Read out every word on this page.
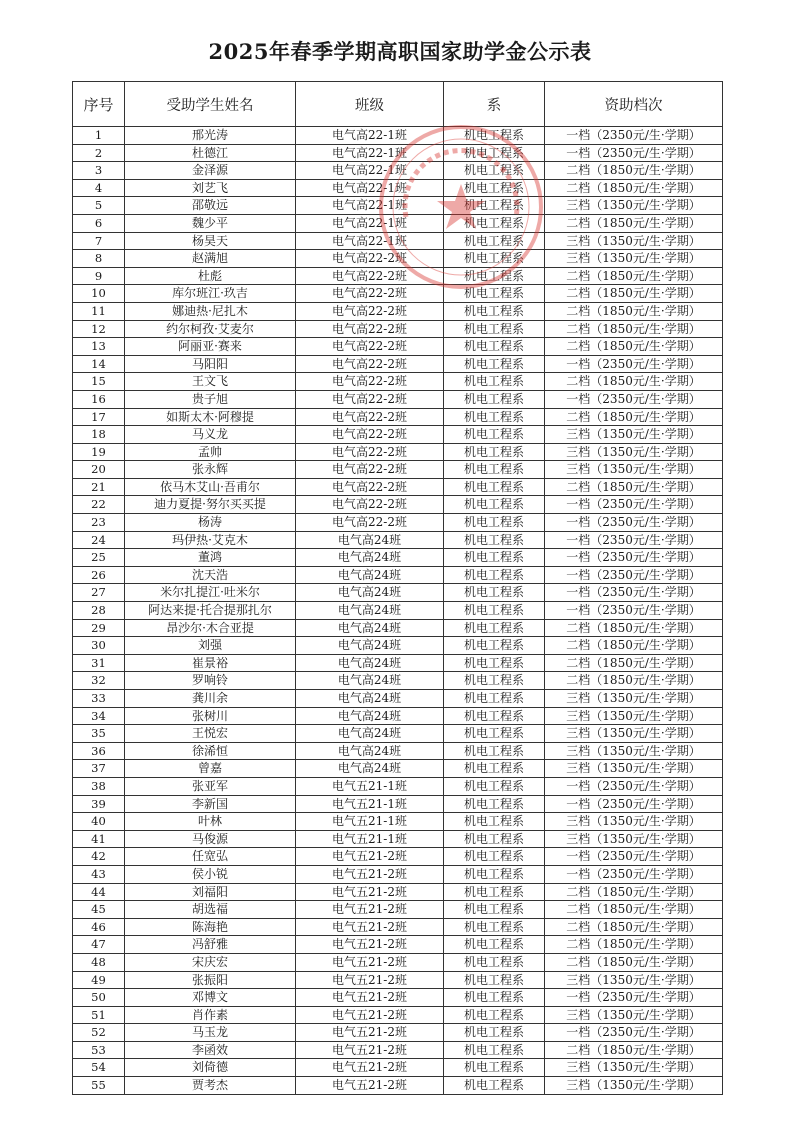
2025年春季学期高职国家助学金公示表
序号	受助学生姓名	班级	系	资助档次
1	邢光涛	电气高22-1班	机电工程系	一档（2350元/生·学期）
2	杜德江	电气高22-1班	机电工程系	一档（2350元/生·学期）
3	金泽源	电气高22-1班	机电工程系	二档（1850元/生·学期）
4	刘艺飞	电气高22-1班	机电工程系	二档（1850元/生·学期）
5	邵敬远	电气高22-1班	机电工程系	三档（1350元/生·学期）
6	魏少平	电气高22-1班	机电工程系	二档（1850元/生·学期）
7	杨昊天	电气高22-1班	机电工程系	三档（1350元/生·学期）
8	赵满旭	电气高22-2班	机电工程系	三档（1350元/生·学期）
9	杜彪	电气高22-2班	机电工程系	二档（1850元/生·学期）
10	库尔班江·玖吉	电气高22-2班	机电工程系	二档（1850元/生·学期）
11	娜迪热·尼扎木	电气高22-2班	机电工程系	二档（1850元/生·学期）
12	约尔柯孜·艾麦尔	电气高22-2班	机电工程系	二档（1850元/生·学期）
13	阿丽亚·赛来	电气高22-2班	机电工程系	二档（1850元/生·学期）
14	马阳阳	电气高22-2班	机电工程系	一档（2350元/生·学期）
15	王文飞	电气高22-2班	机电工程系	二档（1850元/生·学期）
16	贵子旭	电气高22-2班	机电工程系	一档（2350元/生·学期）
17	如斯太木·阿穆提	电气高22-2班	机电工程系	二档（1850元/生·学期）
18	马义龙	电气高22-2班	机电工程系	三档（1350元/生·学期）
19	孟帅	电气高22-2班	机电工程系	三档（1350元/生·学期）
20	张永辉	电气高22-2班	机电工程系	三档（1350元/生·学期）
21	依马木艾山·吾甫尔	电气高22-2班	机电工程系	二档（1850元/生·学期）
22	迪力夏提·努尔买买提	电气高22-2班	机电工程系	一档（2350元/生·学期）
23	杨涛	电气高22-2班	机电工程系	一档（2350元/生·学期）
24	玛伊热·艾克木	电气高24班	机电工程系	一档（2350元/生·学期）
25	董鸿	电气高24班	机电工程系	一档（2350元/生·学期）
26	沈天浩	电气高24班	机电工程系	一档（2350元/生·学期）
27	米尔扎提江·吐米尔	电气高24班	机电工程系	一档（2350元/生·学期）
28	阿达来提·托合提那扎尔	电气高24班	机电工程系	一档（2350元/生·学期）
29	昂沙尔·木合亚提	电气高24班	机电工程系	二档（1850元/生·学期）
30	刘强	电气高24班	机电工程系	二档（1850元/生·学期）
31	崔景裕	电气高24班	机电工程系	二档（1850元/生·学期）
32	罗响铃	电气高24班	机电工程系	二档（1850元/生·学期）
33	龚川余	电气高24班	机电工程系	三档（1350元/生·学期）
34	张树川	电气高24班	机电工程系	三档（1350元/生·学期）
35	王悦宏	电气高24班	机电工程系	三档（1350元/生·学期）
36	徐浠恒	电气高24班	机电工程系	三档（1350元/生·学期）
37	曾嘉	电气高24班	机电工程系	三档（1350元/生·学期）
38	张亚军	电气五21-1班	机电工程系	一档（2350元/生·学期）
39	李新国	电气五21-1班	机电工程系	一档（2350元/生·学期）
40	叶林	电气五21-1班	机电工程系	三档（1350元/生·学期）
41	马俊源	电气五21-1班	机电工程系	三档（1350元/生·学期）
42	任宽弘	电气五21-2班	机电工程系	一档（2350元/生·学期）
43	侯小锐	电气五21-2班	机电工程系	一档（2350元/生·学期）
44	刘福阳	电气五21-2班	机电工程系	二档（1850元/生·学期）
45	胡选福	电气五21-2班	机电工程系	二档（1850元/生·学期）
46	陈海艳	电气五21-2班	机电工程系	二档（1850元/生·学期）
47	冯舒雅	电气五21-2班	机电工程系	二档（1850元/生·学期）
48	宋庆宏	电气五21-2班	机电工程系	二档（1850元/生·学期）
49	张振阳	电气五21-2班	机电工程系	三档（1350元/生·学期）
50	邓博文	电气五21-2班	机电工程系	一档（2350元/生·学期）
51	肖作素	电气五21-2班	机电工程系	三档（1350元/生·学期）
52	马玉龙	电气五21-2班	机电工程系	一档（2350元/生·学期）
53	李函效	电气五21-2班	机电工程系	二档（1850元/生·学期）
54	刘倚德	电气五21-2班	机电工程系	三档（1350元/生·学期）
55	贾考杰	电气五21-2班	机电工程系	三档（1350元/生·学期）
